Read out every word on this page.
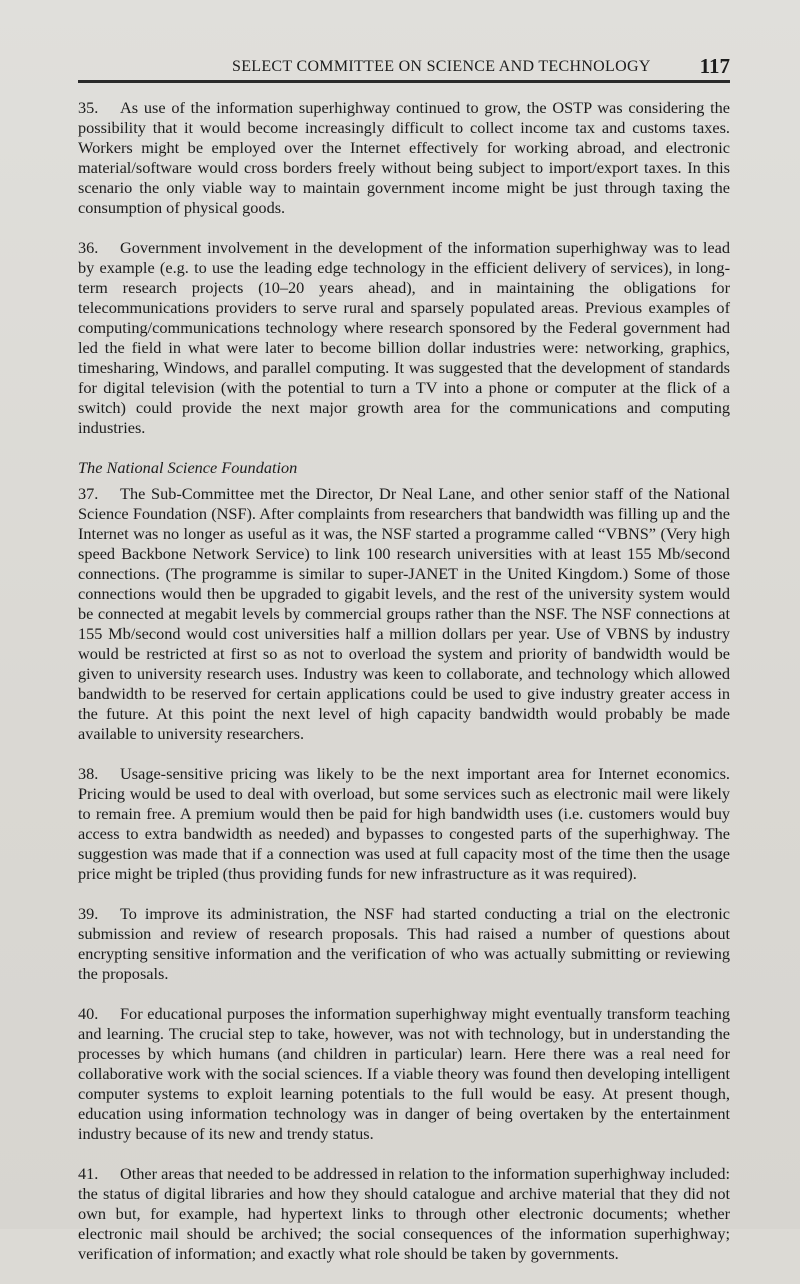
SELECT COMMITTEE ON SCIENCE AND TECHNOLOGY 117

35. As use of the information superhighway continued to grow, the OSTP was considering the possibility that it would become increasingly difficult to collect income tax and customs taxes. Workers might be employed over the Internet effectively for working abroad, and electronic material/software would cross borders freely without being subject to import/export taxes. In this scenario the only viable way to maintain government income might be just through taxing the consumption of physical goods.

36. Government involvement in the development of the information superhighway was to lead by example (e.g. to use the leading edge technology in the efficient delivery of services), in long-term research projects (10–20 years ahead), and in maintaining the obligations for telecommunications providers to serve rural and sparsely populated areas. Previous examples of computing/communications technology where research sponsored by the Federal government had led the field in what were later to become billion dollar industries were: networking, graphics, timesharing, Windows, and parallel computing. It was suggested that the development of standards for digital television (with the potential to turn a TV into a phone or computer at the flick of a switch) could provide the next major growth area for the communications and computing industries.

The National Science Foundation

37. The Sub-Committee met the Director, Dr Neal Lane, and other senior staff of the National Science Foundation (NSF). After complaints from researchers that bandwidth was filling up and the Internet was no longer as useful as it was, the NSF started a programme called “VBNS” (Very high speed Backbone Network Service) to link 100 research universities with at least 155 Mb/second connections. (The programme is similar to super-JANET in the United Kingdom.) Some of those connections would then be upgraded to gigabit levels, and the rest of the university system would be connected at megabit levels by commercial groups rather than the NSF. The NSF connections at 155 Mb/second would cost universities half a million dollars per year. Use of VBNS by industry would be restricted at first so as not to overload the system and priority of bandwidth would be given to university research uses. Industry was keen to collaborate, and technology which allowed bandwidth to be reserved for certain applications could be used to give industry greater access in the future. At this point the next level of high capacity bandwidth would probably be made available to university researchers.

38. Usage-sensitive pricing was likely to be the next important area for Internet economics. Pricing would be used to deal with overload, but some services such as electronic mail were likely to remain free. A premium would then be paid for high bandwidth uses (i.e. customers would buy access to extra bandwidth as needed) and bypasses to congested parts of the superhighway. The suggestion was made that if a connection was used at full capacity most of the time then the usage price might be tripled (thus providing funds for new infrastructure as it was required).

39. To improve its administration, the NSF had started conducting a trial on the electronic submission and review of research proposals. This had raised a number of questions about encrypting sensitive information and the verification of who was actually submitting or reviewing the proposals.

40. For educational purposes the information superhighway might eventually transform teaching and learning. The crucial step to take, however, was not with technology, but in understanding the processes by which humans (and children in particular) learn. Here there was a real need for collaborative work with the social sciences. If a viable theory was found then developing intelligent computer systems to exploit learning potentials to the full would be easy. At present though, education using information technology was in danger of being overtaken by the entertainment industry because of its new and trendy status.

41. Other areas that needed to be addressed in relation to the information superhighway included: the status of digital libraries and how they should catalogue and archive material that they did not own but, for example, had hypertext links to through other electronic documents; whether electronic mail should be archived; the social consequences of the information superhighway; verification of information; and exactly what role should be taken by governments.
